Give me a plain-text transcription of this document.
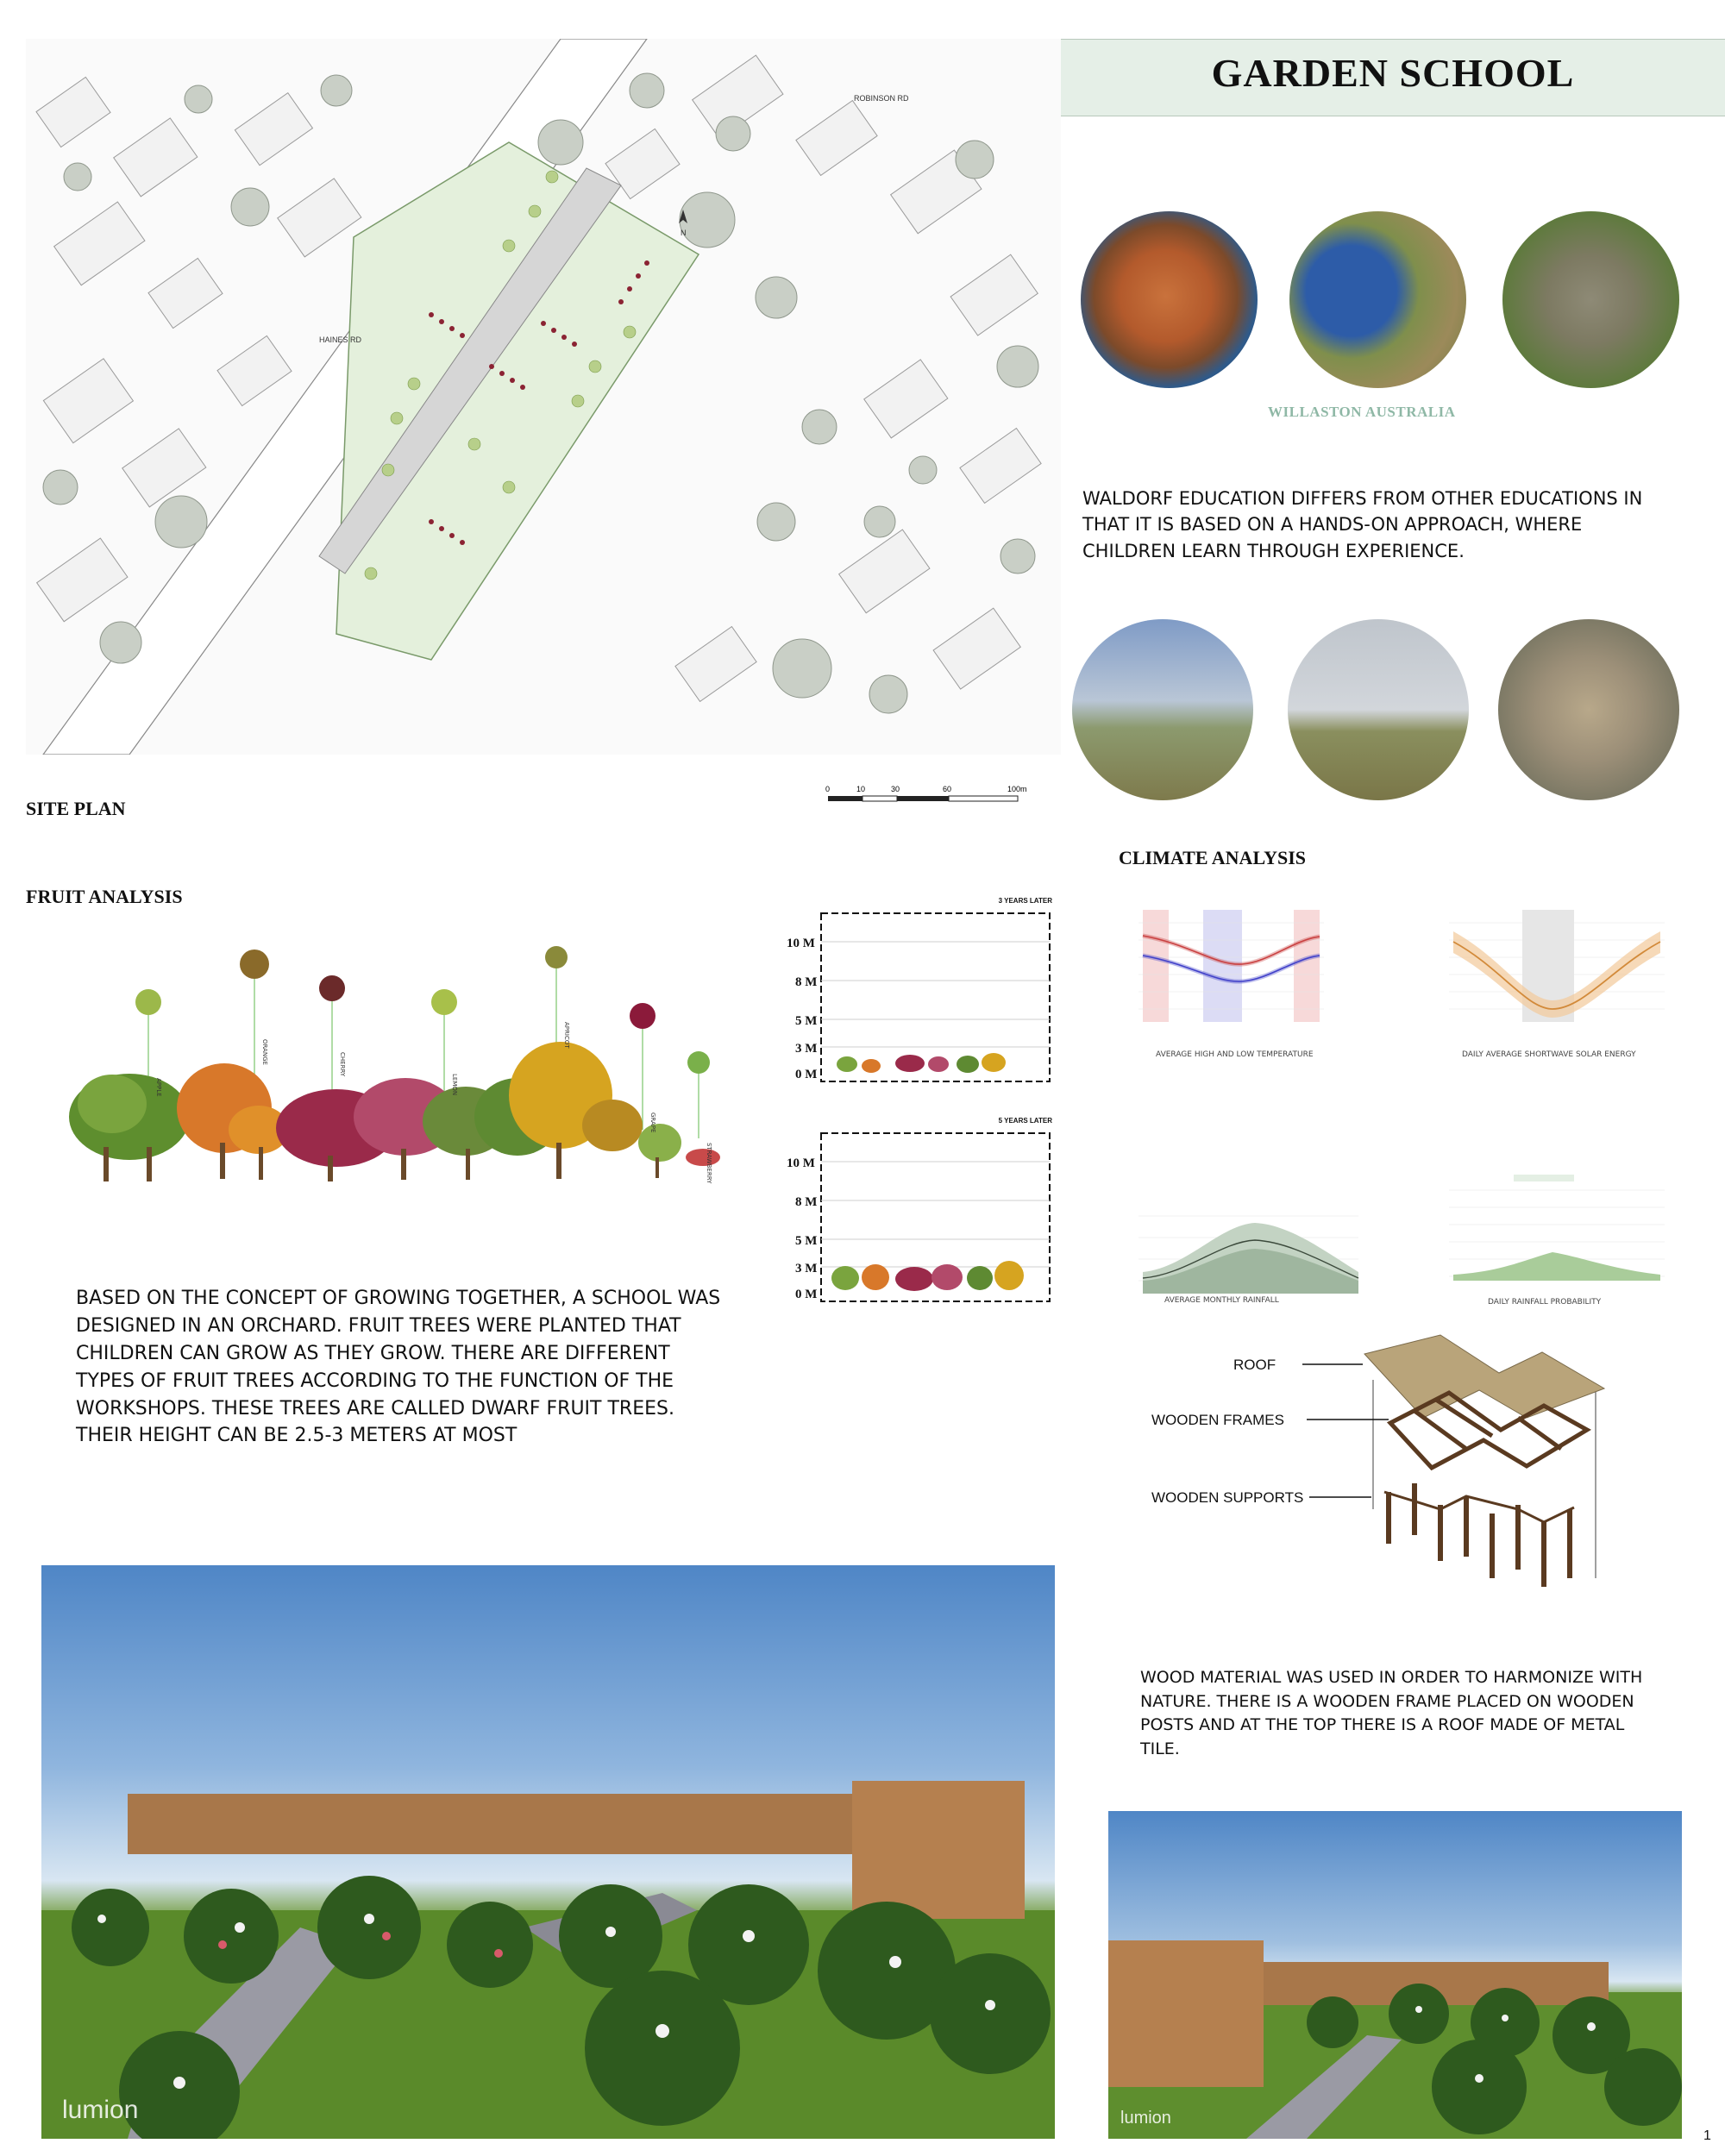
ROBINSON RD
HAINES RD
N
SITE PLAN
0	10	30	60	100m
GARDEN SCHOOL
WILLASTON AUSTRALIA
WALDORF EDUCATION DIFFERS FROM OTHER EDUCATIONS IN THAT IT IS BASED ON A HANDS-ON APPROACH, WHERE CHILDREN LEARN THROUGH EXPERIENCE.
CLIMATE ANALYSIS
AVERAGE HIGH AND LOW TEMPERATURE	DAILY AVERAGE SHORTWAVE SOLAR ENERGY
AVERAGE MONTHLY RAINFALL	DAILY RAINFALL PROBABILITY
FRUIT ANALYSIS
APPLE
ORANGE	CHERRY
LEMON
APRICOT
GRAPE
STRAWBERRY
3 YEARS LATER
10 M
8 M
5 M
3 M
0 M
5 YEARS LATER
10 M
8 M
5 M
3 M
0 M
BASED ON THE CONCEPT OF GROWING TOGETHER, A SCHOOL WAS DESIGNED IN AN ORCHARD. FRUIT TREES WERE PLANTED THAT CHILDREN CAN GROW AS THEY GROW. THERE ARE DIFFERENT TYPES OF FRUIT TREES ACCORDING TO THE FUNCTION OF THE WORKSHOPS. THESE TREES ARE CALLED DWARF FRUIT TREES. THEIR HEIGHT CAN BE 2.5-3 METERS AT MOST
ROOF
WOODEN FRAMES
WOODEN SUPPORTS
WOOD MATERIAL WAS USED IN ORDER TO HARMONIZE WITH NATURE. THERE IS A WOODEN FRAME PLACED ON WOODEN POSTS AND AT THE TOP THERE IS A ROOF MADE OF METAL TILE.
lumion	lumion
1
